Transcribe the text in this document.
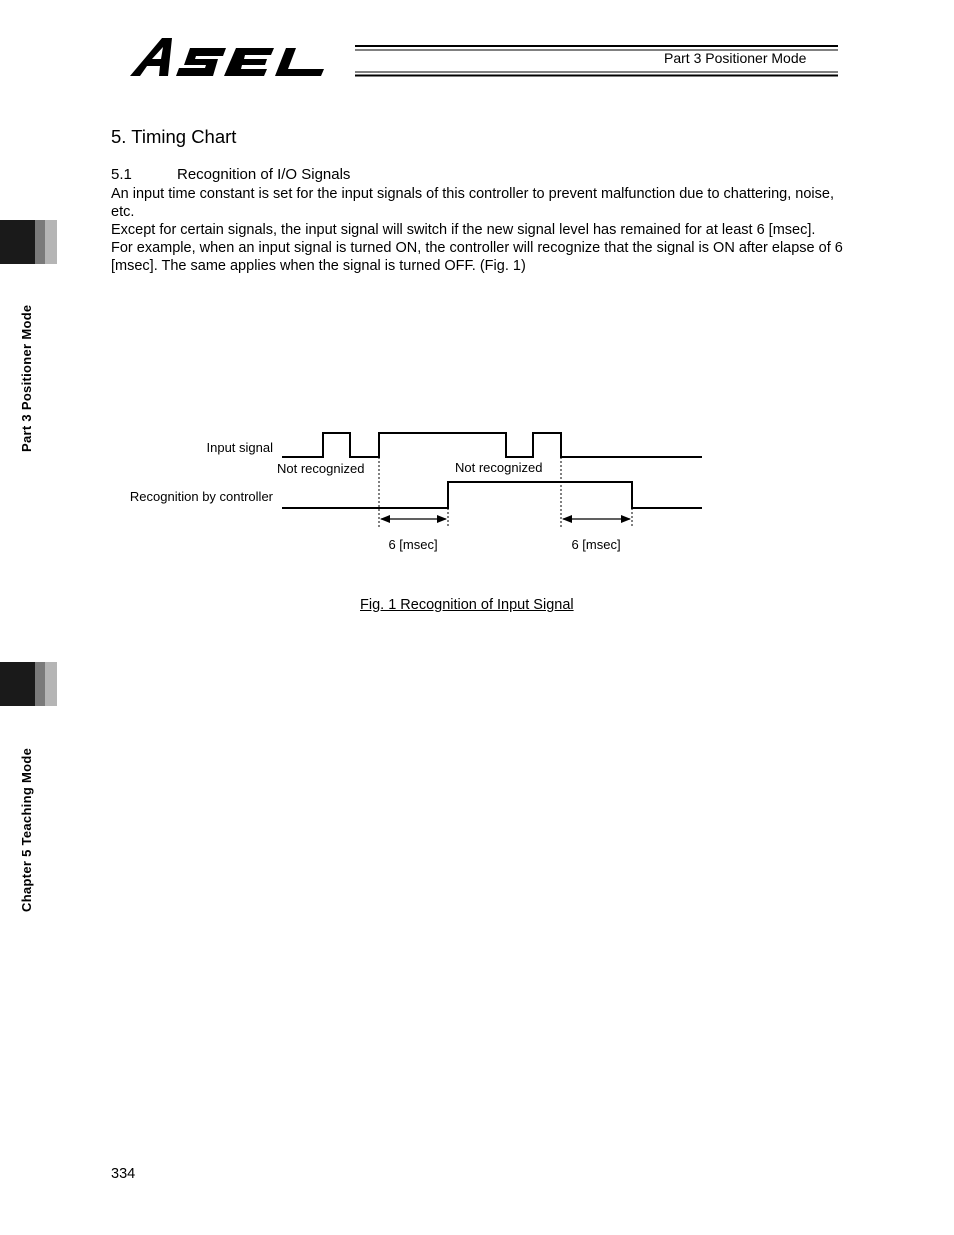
Part 3 Positioner Mode
Part 3 Positioner Mode
Chapter 5 Teaching Mode
5. Timing Chart
5.1	Recognition of I/O Signals

An input time constant is set for the input signals of this controller to prevent malfunction due to chattering, noise, etc.

Except for certain signals, the input signal will switch if the new signal level has remained for at least 6 [msec].

For example, when an input signal is turned ON, the controller will recognize that the signal is ON after elapse of 6 [msec]. The same applies when the signal is turned OFF. (Fig. 1)

Input signal
Recognition by controller
Not recognized	Not recognized
6 [msec]	6 [msec]
Fig. 1 Recognition of Input Signal
334
